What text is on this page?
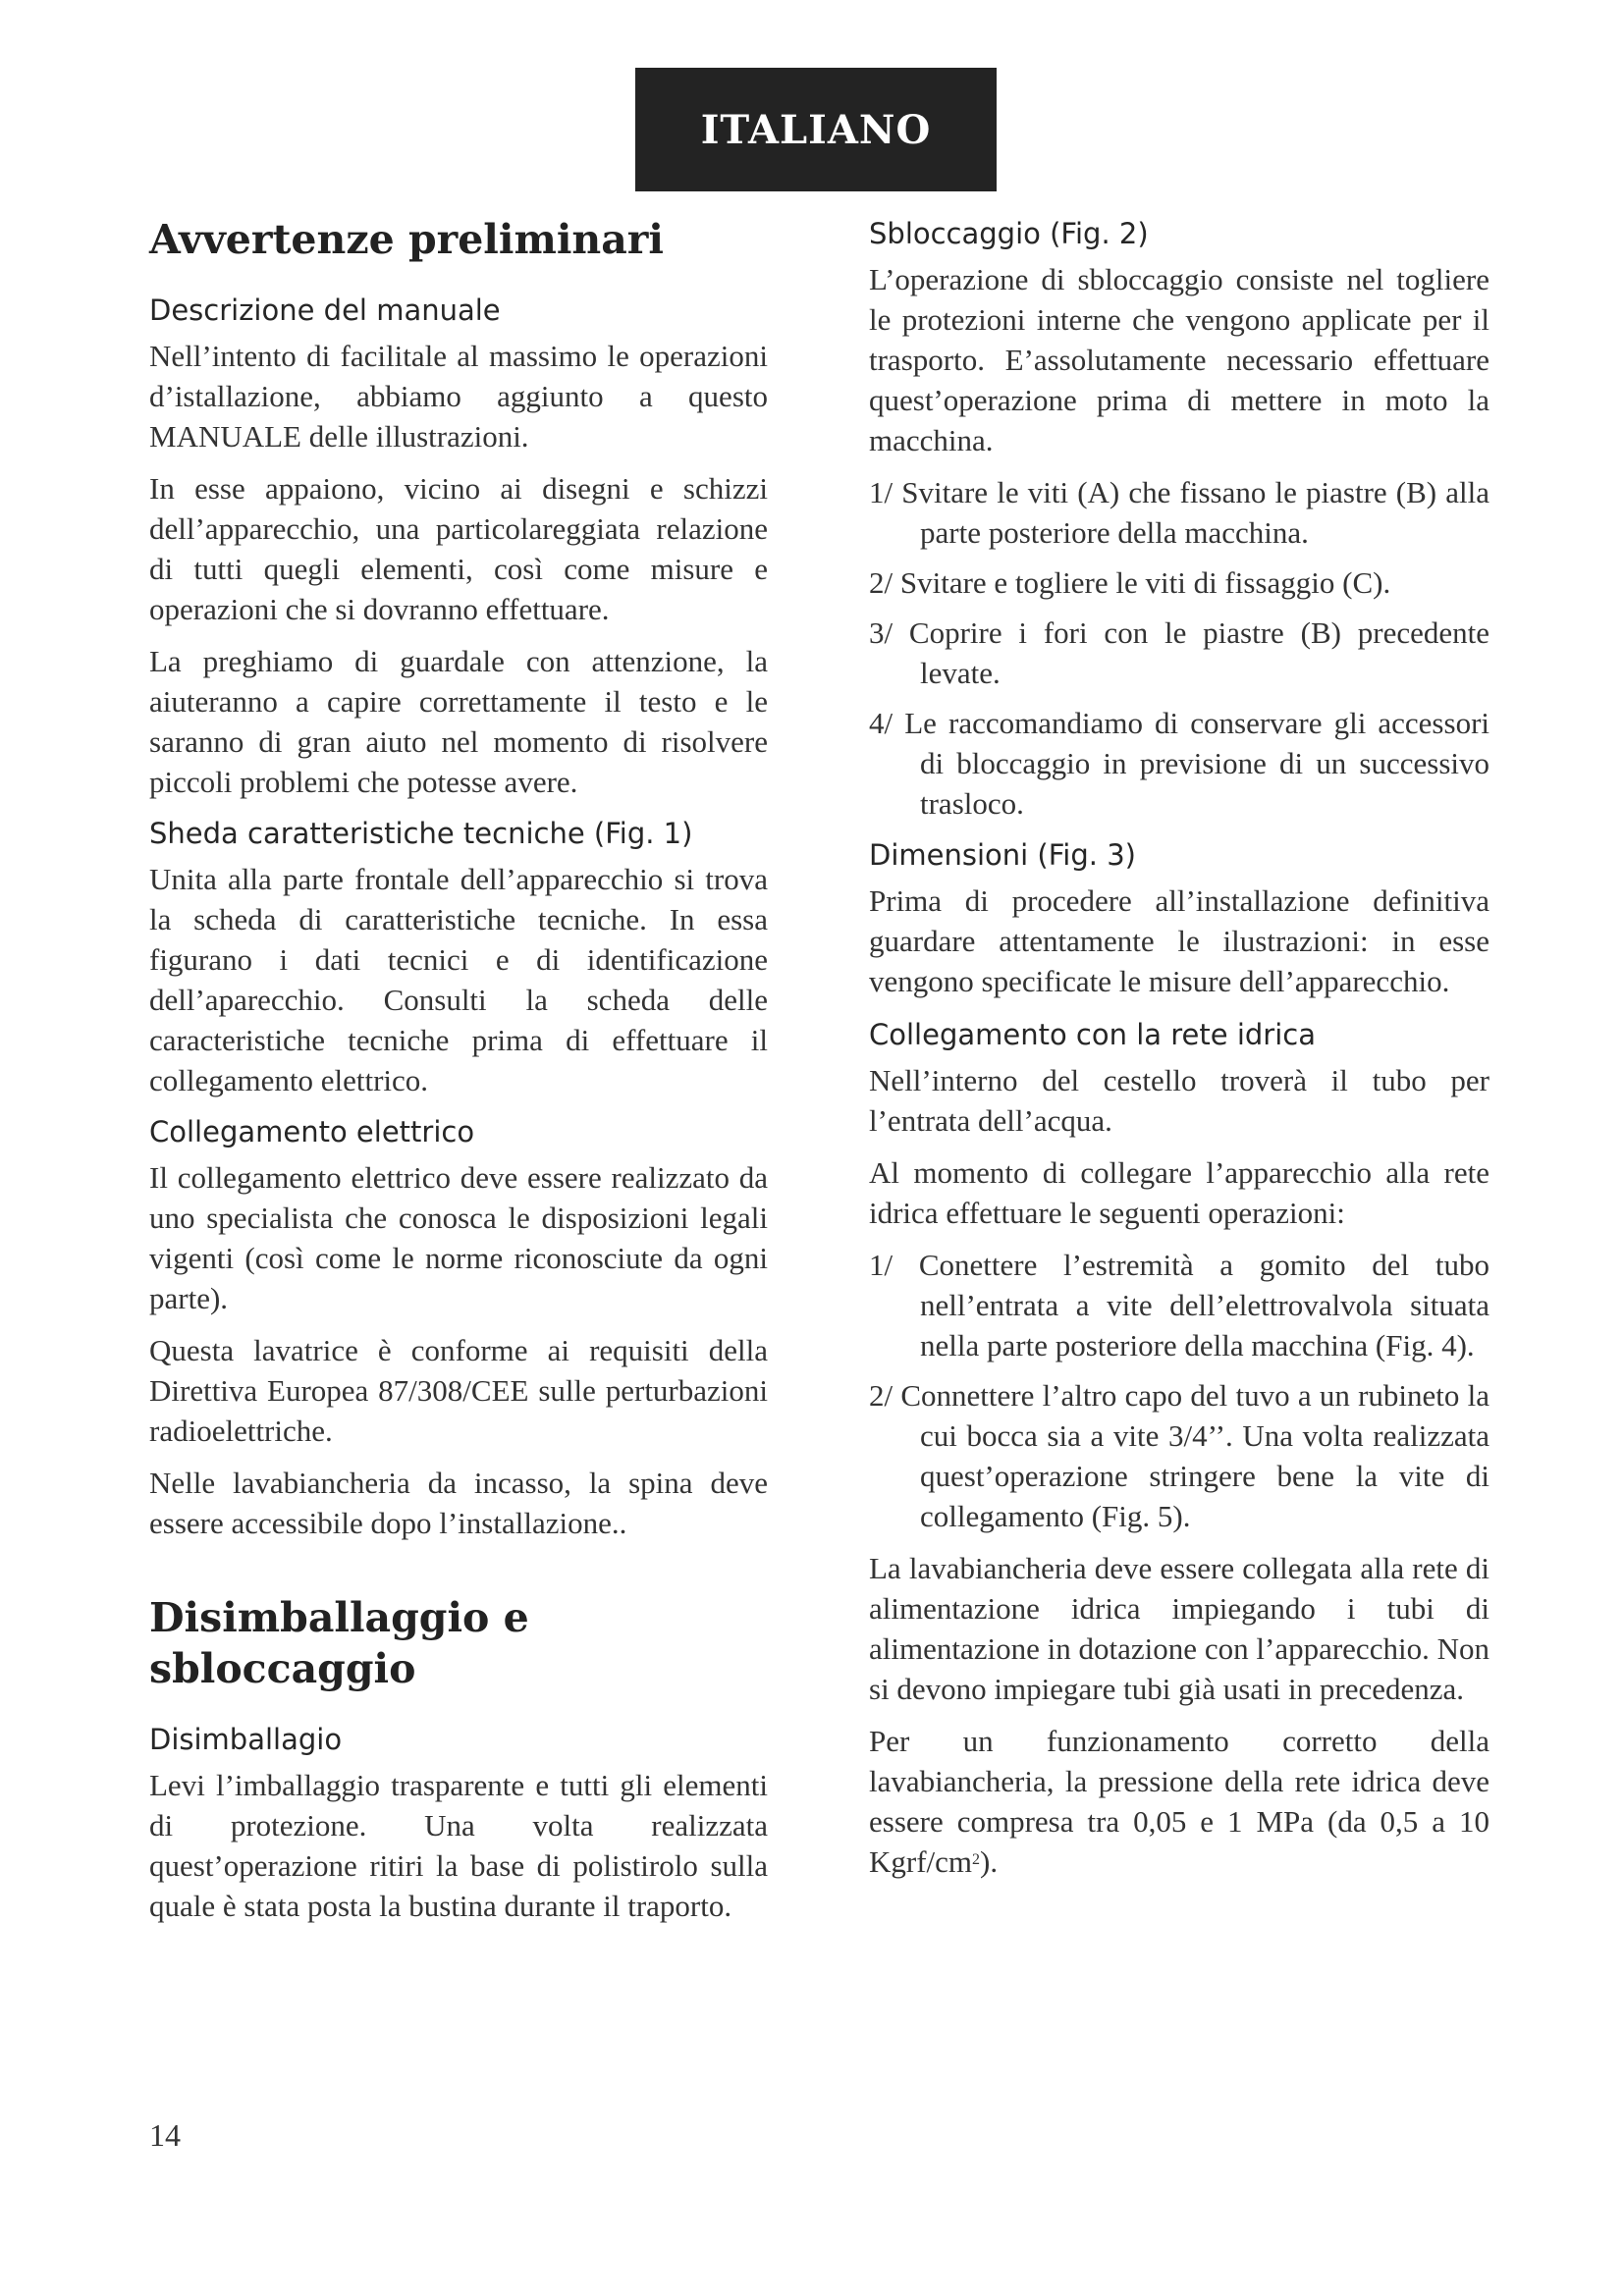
ITALIANO
Avvertenze preliminari
Descrizione del manuale

Nell’intento di facilitale al massimo le operazioni d’istallazione, abbiamo aggiunto a questo MANUALE delle illustrazioni.

In esse appaiono, vicino ai disegni e schizzi dell’apparecchio, una particolareggiata relazione di tutti quegli elementi, così come misure e operazioni che si dovranno effettuare.

La preghiamo di guardale con attenzione, la aiuteranno a capire correttamente il testo e le saranno di gran aiuto nel momento di risolvere piccoli problemi che potesse avere.

Sheda caratteristiche tecniche (Fig. 1)

Unita alla parte frontale dell’apparecchio si trova la scheda di caratteristiche tecniche. In essa figurano i dati tecnici e di identificazione dell’aparecchio. Consulti la scheda delle caracteristiche tecniche prima di effettuare il collegamento elettrico.

Collegamento elettrico

Il collegamento elettrico deve essere realizzato da uno specialista che conosca le disposizioni legali vigenti (così come le norme riconosciute da ogni parte).

Questa lavatrice è conforme ai requisiti della Direttiva Europea 87/308/CEE sulle perturbazioni radioelettriche.

Nelle lavabiancheria da incasso, la spina deve essere accessibile dopo l’installazione..

Disimballaggio e sbloccaggio
Disimballagio

Levi l’imballaggio trasparente e tutti gli elementi di protezione. Una volta realizzata quest’operazione ritiri la base di polistirolo sulla quale è stata posta la bustina durante il traporto.

Sbloccaggio (Fig. 2)

L’operazione di sbloccaggio consiste nel togliere le protezioni interne che vengono applicate per il trasporto. E’assolutamente necessario effettuare quest’operazione prima di mettere in moto la macchina.

1/ Svitare le viti (A) che fissano le piastre (B) alla parte posteriore della macchina.
2/ Svitare e togliere le viti di fissaggio (C).
3/ Coprire i fori con le piastre (B) precedente levate.
4/ Le raccomandiamo di conservare gli accessori di bloccaggio in previsione di un successivo trasloco.
Dimensioni (Fig. 3)

Prima di procedere all’installazione definitiva guardare attentamente le ilustrazioni: in esse vengono specificate le misure dell’apparecchio.

Collegamento con la rete idrica

Nell’interno del cestello troverà il tubo per l’entrata dell’acqua.

Al momento di collegare l’apparecchio alla rete idrica effettuare le seguenti operazioni:

1/ Conettere l’estremità a gomito del tubo nell’entrata a vite dell’elettrovalvola situata nella parte posteriore della macchina (Fig. 4).
2/ Connettere l’altro capo del tuvo a un rubineto la cui bocca sia a vite 3/4’’. Una volta realizzata quest’operazione stringere bene la vite di collegamento (Fig. 5).

La lavabiancheria deve essere collegata alla rete di alimentazione idrica impiegando i tubi di alimentazione in dotazione con l’apparecchio. Non si devono impiegare tubi già usati in precedenza.

Per un funzionamento corretto della lavabiancheria, la pressione della rete idrica deve essere compresa tra 0,05 e 1 MPa (da 0,5 a 10 Kgrf/$cm^2$).

14
